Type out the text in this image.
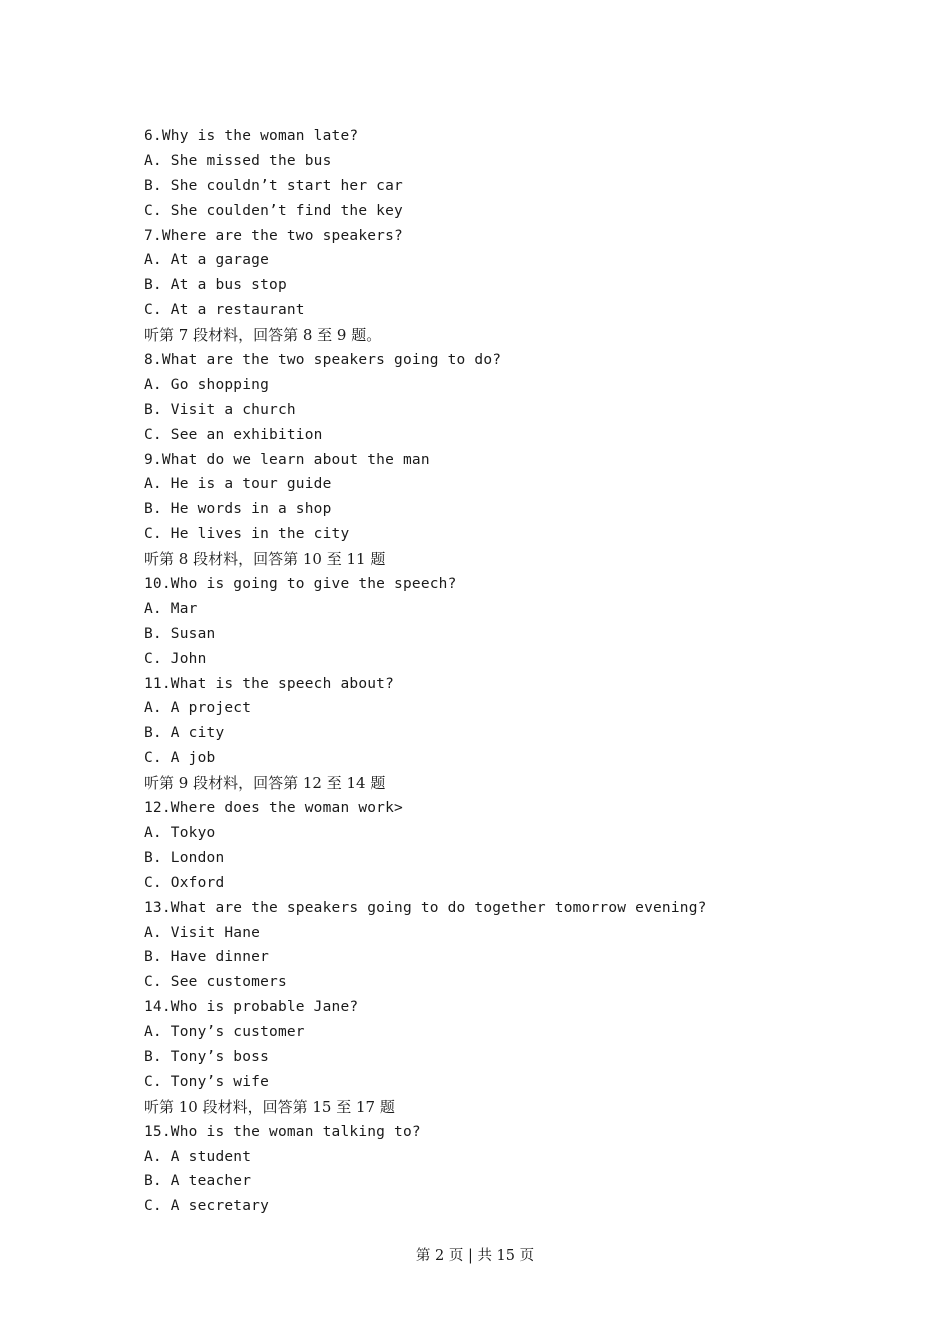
6.Why is the woman late?
A. She missed the bus
B. She couldn’t start her car
C. She coulden’t find the key
7.Where are the two speakers?
A. At a garage
B. At a bus stop
C. At a restaurant
听第 7 段材料，回答第 8 至 9 题。
8.What are the two speakers going to do?
A. Go shopping
B. Visit a church
C. See an exhibition
9.What do we learn about the man
A. He is a tour guide
B. He words in a shop
C. He lives in the city
听第 8 段材料，回答第 10 至 11 题
10.Who is going to give the speech?
A. Mar
B. Susan
C. John
11.What is the speech about?
A. A project
B. A city
C. A job
听第 9 段材料，回答第 12 至 14 题
12.Where does the woman work>
A. Tokyo
B. London
C. Oxford
13.What are the speakers going to do together tomorrow evening?
A. Visit Hane
B. Have dinner
C. See customers
14.Who is probable Jane?
A. Tony’s customer
B. Tony’s boss
C. Tony’s wife
听第 10 段材料，回答第 15 至 17 题
15.Who is the woman talking to?
A. A student
B. A teacher
C. A secretary
第 2 页 | 共 15 页
